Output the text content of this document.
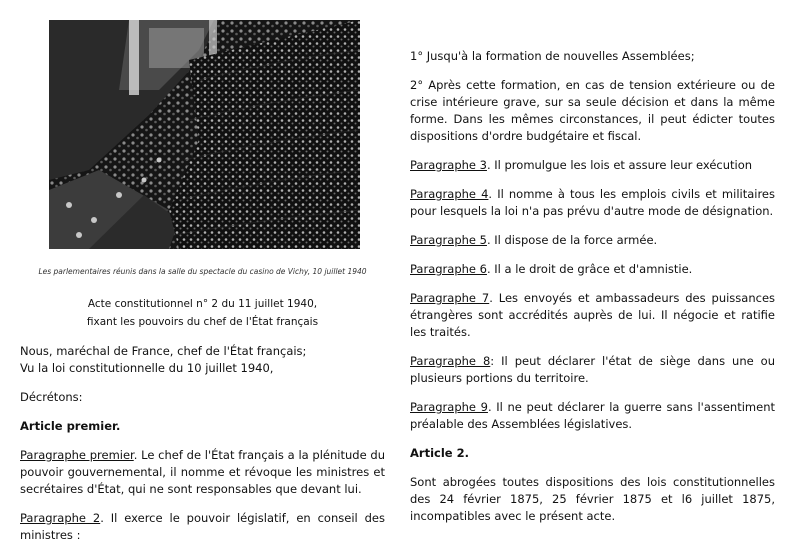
Les parlementaires réunis dans la salle du spectacle du casino de Vichy, 10 juillet 1940
Acte constitutionnel n° 2 du 11 juillet 1940,
fixant les pouvoirs du chef de l'État français

Nous, maréchal de France, chef de l'État français;

Vu la loi constitutionnelle du 10 juillet 1940,

Décrétons:

Article premier.

Paragraphe premier. Le chef de l'État français a la plénitude du pouvoir gouvernemental, il nomme et révoque les ministres et secrétaires d'État, qui ne sont responsables que devant lui.

Paragraphe 2. Il exerce le pouvoir législatif, en conseil des ministres :

1° Jusqu'à la formation de nouvelles Assemblées;

2° Après cette formation, en cas de tension extérieure ou de crise intérieure grave, sur sa seule décision et dans la même forme. Dans les mêmes circonstances, il peut édicter toutes dispositions d'ordre budgétaire et fiscal.

Paragraphe 3. Il promulgue les lois et assure leur exécution

Paragraphe 4. Il nomme à tous les emplois civils et militaires pour lesquels la loi n'a pas prévu d'autre mode de désignation.

Paragraphe 5. Il dispose de la force armée.

Paragraphe 6. Il a le droit de grâce et d'amnistie.

Paragraphe 7. Les envoyés et ambassadeurs des puissances étrangères sont accrédités auprès de lui. Il négocie et ratifie les traités.

Paragraphe 8: Il peut déclarer l'état de siège dans une ou plusieurs portions du territoire.

Paragraphe 9. Il ne peut déclarer la guerre sans l'assentiment préalable des Assemblées législatives.

Article 2.

Sont abrogées toutes dispositions des lois constitutionnelles des 24 février 1875, 25 février 1875 et l6 juillet 1875, incompatibles avec le présent acte.
